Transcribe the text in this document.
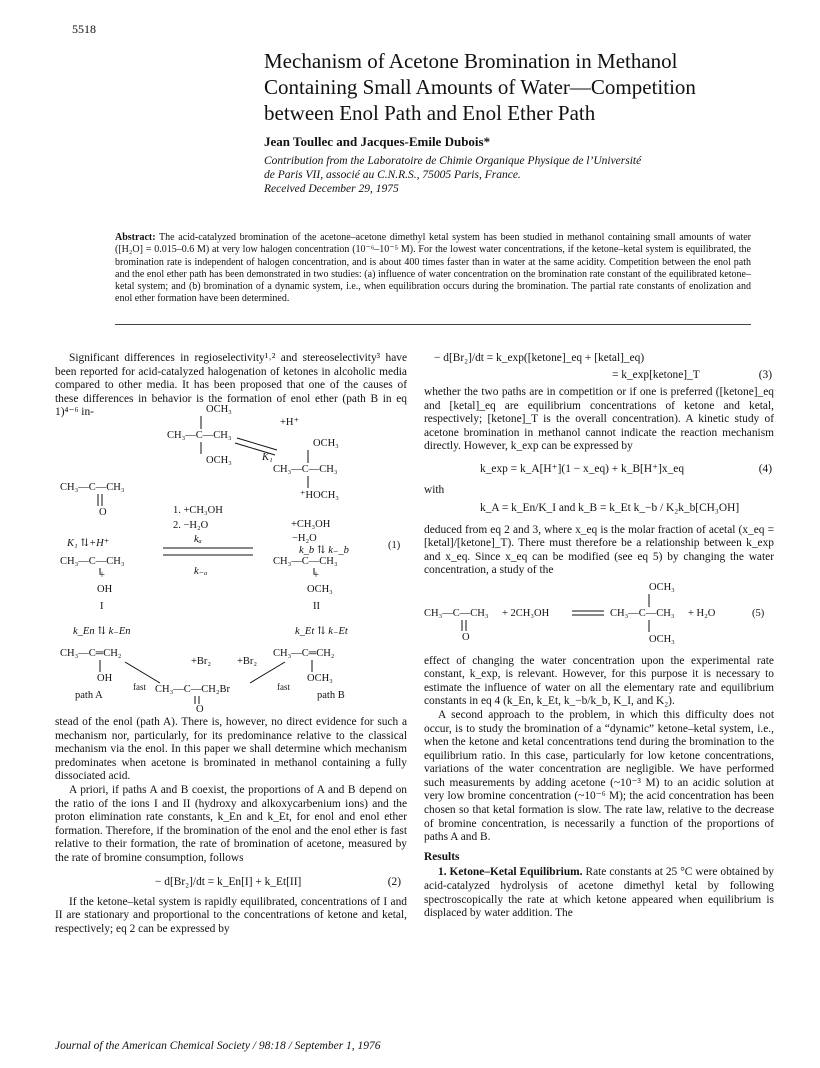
5518
Mechanism of Acetone Bromination in Methanol
Containing Small Amounts of Water—Competition
between Enol Path and Enol Ether Path
Jean Toullec and Jacques-Emile Dubois*
Contribution from the Laboratoire de Chimie Organique Physique de l’Université
de Paris VII, associé au C.N.R.S., 75005 Paris, France.
Received December 29, 1975
Abstract: The acid-catalyzed bromination of the acetone–acetone dimethyl ketal system has been studied in methanol containing small amounts of water ([H₂O] = 0.015–0.6 M) at very low halogen concentration (10⁻⁶–10⁻⁵ M). For the lowest water concentrations, if the ketone–ketal system is equilibrated, the bromination rate is independent of halogen concentration, and is about 400 times faster than in water at the same acidity. Competition between the enol path and the enol ether path has been demonstrated in two studies: (a) influence of water concentration on the bromination rate constant of the equilibrated ketone–ketal system; and (b) bromination of a dynamic system, i.e., when equilibration occurs during the bromination. The partial rate constants of enolization and enol ether formation have been determined.

Significant differences in regioselectivity¹˒² and stereoselectivity³ have been reported for acid-catalyzed halogenation of ketones in alcoholic media compared to other media. It has been proposed that one of the causes of these differences in behavior is the formation of enol ether (path B in eq 1)⁴⁻⁶ in-	OCH₃
CH₃—C—CH₃
OCH₃
OCH₃
CH₃—C—CH₃
⁺HOCH₃
+H⁺
K₁
CH₃—C—CH₃
O
K₁ ⇅+H⁺
CH₃—C—CH₃
+
OH
I
1. +CH₃OH
2. −H₂O
kₐ
k₋ₐ
+CH₃OH
−H₂O
k_b ⇅ k₋_b
CH₃—C—CH₃
+
OCH₃
II
k_En ⇅ k₋En
CH₃—C═CH₂
OH
k_Et ⇅ k₋Et
CH₃—C═CH₂
OCH₃
CH₃—C—CH₂Br
O
+Br₂ +Br₂
fast	fast
path A	path B
(1)

stead of the enol (path A). There is, however, no direct evidence for such a mechanism nor, particularly, for its predominance relative to the classical mechanism via the enol. In this paper we shall determine which mechanism predominates when acetone is brominated in methanol containing a fully dissociated acid.

A priori, if paths A and B coexist, the proportions of A and B depend on the ratio of the ions I and II (hydroxy and alkoxycarbenium ions) and the proton elimination rate constants, k_En and k_Et, for enol and enol ether formation. Therefore, if the bromination of the enol and the enol ether is fast relative to their formation, the rate of bromination of acetone, measured by the rate of bromine consumption, follows

− d[Br₂]/dt = k_En[I] + k_Et[II]	(2)

If the ketone–ketal system is rapidly equilibrated, concentrations of I and II are stationary and proportional to the concentrations of ketone and ketal, respectively; eq 2 can be expressed by

− d[Br₂]/dt = k_exp([ketone]_eq + [ketal]_eq)
= k_exp[ketone]_T	(3)

whether the two paths are in competition or if one is preferred ([ketone]_eq and [ketal]_eq are equilibrium concentrations of ketone and ketal, respectively; [ketone]_T is the overall concentration). A kinetic study of acetone bromination in methanol cannot indicate the reaction mechanism directly. However, k_exp can be expressed by

k_exp = k_A[H⁺](1 − x_eq) + k_B[H⁺]x_eq	(4)
with
k_A = k_En/K_I and k_B = k_Et k_−b / K₂k_b[CH₃OH]

deduced from eq 2 and 3, where x_eq is the molar fraction of acetal (x_eq = [ketal]/[ketone]_T). There must therefore be a relationship between k_exp and x_eq. Since x_eq can be modified (see eq 5) by changing the water concentration, a study of the

OCH₃
CH₃—C—CH₃
O
+ 2CH₃OH	CH₃—C—CH₃ + H₂O
OCH₃
(5)

effect of changing the water concentration upon the experimental rate constant, k_exp, is relevant. However, for this purpose it is necessary to estimate the influence of water on all the elementary rate and equilibrium constants in eq 4 (k_En, k_Et, k_−b/k_b, K_I, and K₂).

A second approach to the problem, in which this difficulty does not occur, is to study the bromination of a “dynamic” ketone–ketal system, i.e., when the ketone and ketal concentrations tend during the bromination to the equilibrium ratio. In this case, particularly for low ketone concentrations, variations of the water concentration are negligible. We have performed such measurements by adding acetone (~10⁻³ M) to an acidic solution at very low bromine concentration (~10⁻⁶ M); the acid concentration has been chosen so that ketal formation is slow. The rate law, relative to the decrease of bromine concentration, is necessarily a function of the proportions of paths A and B.

Results

1. Ketone–Ketal Equilibrium. Rate constants at 25 °C were obtained by acid-catalyzed hydrolysis of acetone dimethyl ketal by following spectroscopically the rate at which ketone appeared when equilibrium is displaced by water addition. The

Journal of the American Chemical Society / 98:18 / September 1, 1976
